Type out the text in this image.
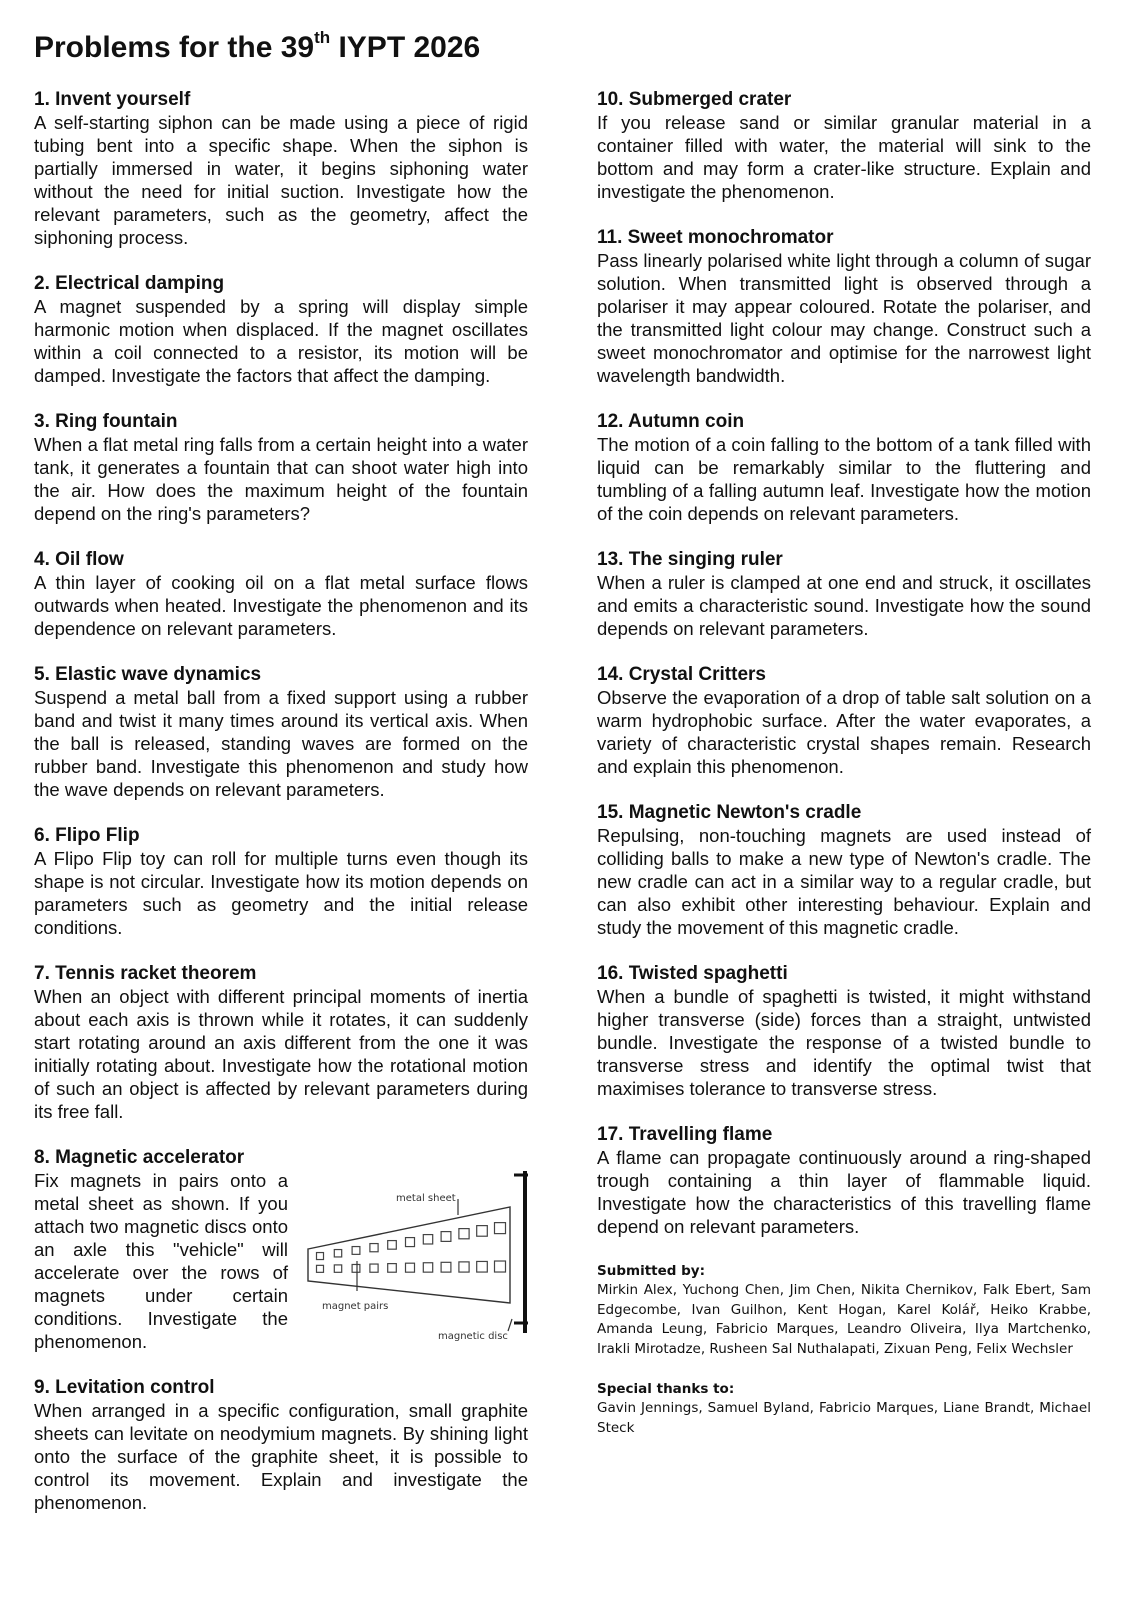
Problems for the 39th IYPT 2026

1. Invent yourself

A self-starting siphon can be made using a piece of rigid tubing bent into a specific shape. When the siphon is partially immersed in water, it begins siphoning water without the need for initial suction. Investigate how the relevant parameters, such as the geometry, affect the siphoning process.

2. Electrical damping

A magnet suspended by a spring will display simple harmonic motion when displaced. If the magnet oscillates within a coil connected to a resistor, its motion will be damped. Investigate the factors that affect the damping.

3. Ring fountain

When a flat metal ring falls from a certain height into a water tank, it generates a fountain that can shoot water high into the air. How does the maximum height of the fountain depend on the ring's parameters?

4. Oil flow

A thin layer of cooking oil on a flat metal surface flows outwards when heated. Investigate the phenomenon and its dependence on relevant parameters.

5. Elastic wave dynamics

Suspend a metal ball from a fixed support using a rubber band and twist it many times around its vertical axis. When the ball is released, standing waves are formed on the rubber band. Investigate this phenomenon and study how the wave depends on relevant parameters.

6. Flipo Flip

A Flipo Flip toy can roll for multiple turns even though its shape is not circular. Investigate how its motion depends on parameters such as geometry and the initial release conditions.

7. Tennis racket theorem

When an object with different principal moments of inertia about each axis is thrown while it rotates, it can suddenly start rotating around an axis different from the one it was initially rotating about. Investigate how the rotational motion of such an object is affected by relevant parameters during its free fall.

8. Magnetic accelerator

Fix magnets in pairs onto a metal sheet as shown. If you attach two magnetic discs onto an axle this "vehicle" will accelerate over the rows of magnets under certain conditions. Investigate the phenomenon.

metal sheet
magnet pairs
magnetic disc

9. Levitation control

When arranged in a specific configuration, small graphite sheets can levitate on neodymium magnets. By shining light onto the surface of the graphite sheet, it is possible to control its movement. Explain and investigate the phenomenon.

10. Submerged crater

If you release sand or similar granular material in a container filled with water, the material will sink to the bottom and may form a crater-like structure. Explain and investigate the phenomenon.

11. Sweet monochromator

Pass linearly polarised white light through a column of sugar solution. When transmitted light is observed through a polariser it may appear coloured. Rotate the polariser, and the transmitted light colour may change. Construct such a sweet monochromator and optimise for the narrowest light wavelength bandwidth.

12. Autumn coin

The motion of a coin falling to the bottom of a tank filled with liquid can be remarkably similar to the fluttering and tumbling of a falling autumn leaf. Investigate how the motion of the coin depends on relevant parameters.

13. The singing ruler

When a ruler is clamped at one end and struck, it oscillates and emits a characteristic sound. Investigate how the sound depends on relevant parameters.

14. Crystal Critters

Observe the evaporation of a drop of table salt solution on a warm hydrophobic surface. After the water evaporates, a variety of characteristic crystal shapes remain. Research and explain this phenomenon.

15. Magnetic Newton's cradle

Repulsing, non-touching magnets are used instead of colliding balls to make a new type of Newton's cradle. The new cradle can act in a similar way to a regular cradle, but can also exhibit other interesting behaviour. Explain and study the movement of this magnetic cradle.

16. Twisted spaghetti

When a bundle of spaghetti is twisted, it might withstand higher transverse (side) forces than a straight, untwisted bundle. Investigate the response of a twisted bundle to transverse stress and identify the optimal twist that maximises tolerance to transverse stress.

17. Travelling flame

A flame can propagate continuously around a ring-shaped trough containing a thin layer of flammable liquid. Investigate how the characteristics of this travelling flame depend on relevant parameters.

Submitted by:

Mirkin Alex, Yuchong Chen, Jim Chen, Nikita Chernikov, Falk Ebert, Sam Edgecombe, Ivan Guilhon, Kent Hogan, Karel Kolář, Heiko Krabbe, Amanda Leung, Fabricio Marques, Leandro Oliveira, Ilya Martchenko, Irakli Mirotadze, Rusheen Sal Nuthalapati, Zixuan Peng, Felix Wechsler

Special thanks to:

Gavin Jennings, Samuel Byland, Fabricio Marques, Liane Brandt, Michael Steck
